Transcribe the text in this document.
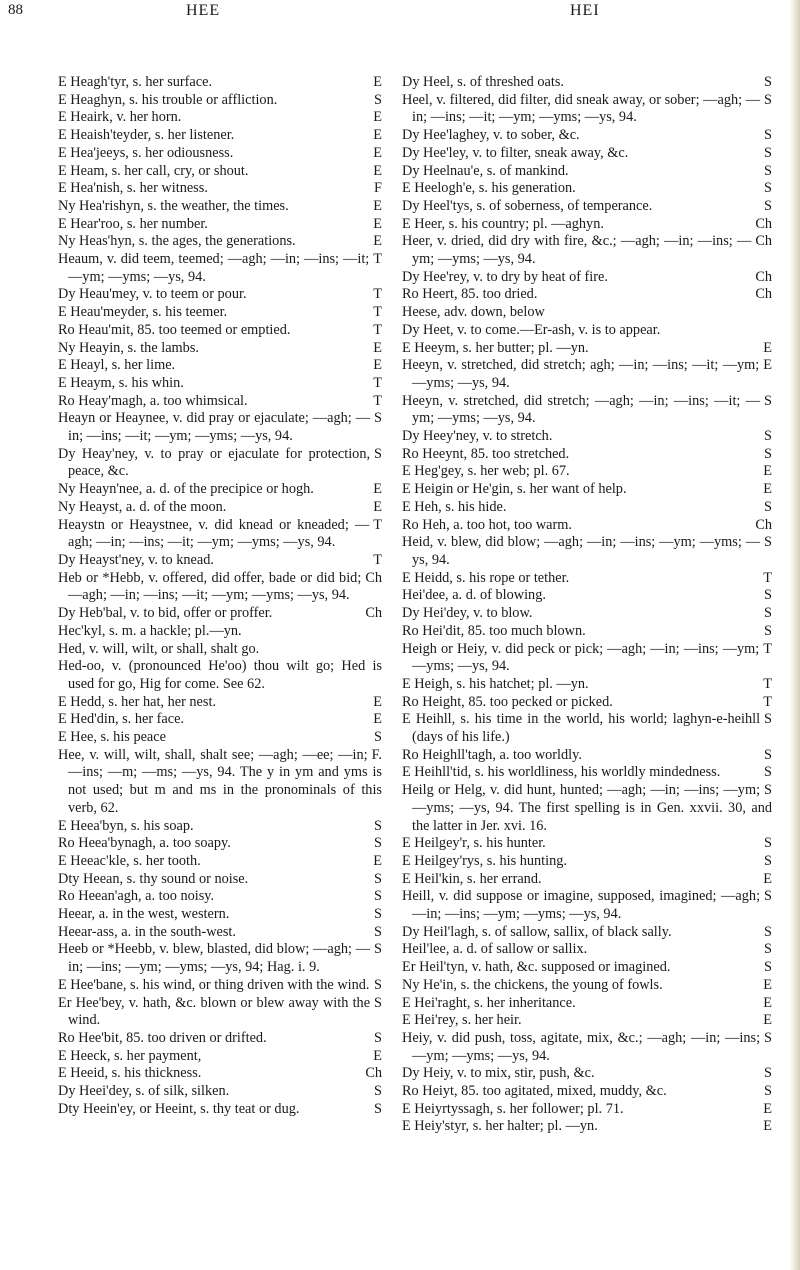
88	HEE	HEI
E
E Heagh'tyr, s. her surface.
S
E Heaghyn, s. his trouble or affliction.
E
E Heairk, v. her horn.
E
E Heaish'teyder, s. her listener.
E
E Hea'jeeys, s. her odiousness.
E
E Heam, s. her call, cry, or shout.
F
E Hea'nish, s. her witness.
E
Ny Hea'rishyn, s. the weather, the times.
E
E Hear'roo, s. her number.
E
Ny Heas'hyn, s. the ages, the generations.
T
Heaum, v. did teem, teemed; —agh; —in; —ins; —it; —ym; —yms; —ys, 94.
T
Dy Heau'mey, v. to teem or pour.
T
E Heau'meyder, s. his teemer.
T
Ro Heau'mit, 85. too teemed or emptied.
E
Ny Heayin, s. the lambs.
E
E Heayl, s. her lime.
T
E Heaym, s. his whin.
T
Ro Heay'magh, a. too whimsical.
S
Heayn or Heaynee, v. did pray or ejaculate; —agh; —in; —ins; —it; —ym; —yms; —ys, 94.
S
Dy Heay'ney, v. to pray or ejaculate for protection, peace, &c.
E
Ny Heayn'nee, a. d. of the precipice or hogh.
E
Ny Heayst, a. d. of the moon.
T
Heaystn or Heaystnee, v. did knead or kneaded; —agh; —in; —ins; —it; —ym; —yms; —ys, 94.
T
Dy Heayst'ney, v. to knead.
Ch
Heb or *Hebb, v. offered, did offer, bade or did bid; —agh; —in; —ins; —it; —ym; —yms; —ys, 94.
Ch
Dy Heb'bal, v. to bid, offer or proffer.
Hec'kyl, s. m. a hackle; pl.—yn.
Hed, v. will, wilt, or shall, shalt go.
Hed-oo, v. (pronounced He'oo) thou wilt go; Hed is used for go, Hig for come. See 62.
E
E Hedd, s. her hat, her nest.
E
E Hed'din, s. her face.
S
E Hee, s. his peace
F.
Hee, v. will, wilt, shall, shalt see; —agh; —ee; —in; —ins; —m; —ms; —ys, 94. The y in ym and yms is not used; but m and ms in the pronominals of this verb, 62.
S
E Heea'byn, s. his soap.
S
Ro Heea'bynagh, a. too soapy.
E
E Heeac'kle, s. her tooth.
S
Dty Heean, s. thy sound or noise.
S
Ro Heean'agh, a. too noisy.
S
Heear, a. in the west, western.
S
Heear-ass, a. in the south-west.
S
Heeb or *Heebb, v. blew, blasted, did blow; —agh; —in; —ins; —ym; —yms; —ys, 94; Hag. i. 9.
S
E Hee'bane, s. his wind, or thing driven with the wind.
S
Er Hee'bey, v. hath, &c. blown or blew away with the wind.
S
Ro Hee'bit, 85. too driven or drifted.
E
E Heeck, s. her payment,
Ch
E Heeid, s. his thickness.
S
Dy Heei'dey, s. of silk, silken.
S
Dty Heein'ey, or Heeint, s. thy teat or dug.
S
Dy Heel, s. of threshed oats.
S
Heel, v. filtered, did filter, did sneak away, or sober; —agh; —in; —ins; —it; —ym; —yms; —ys, 94.
S
Dy Hee'laghey, v. to sober, &c.
S
Dy Hee'ley, v. to filter, sneak away, &c.
S
Dy Heelnau'e, s. of mankind.
S
E Heelogh'e, s. his generation.
S
Dy Heel'tys, s. of soberness, of temperance.
Ch
E Heer, s. his country; pl. —aghyn.
Ch
Heer, v. dried, did dry with fire, &c.; —agh; —in; —ins; —ym; —yms; —ys, 94.
Ch
Dy Hee'rey, v. to dry by heat of fire.
Ch
Ro Heert, 85. too dried.
Heese, adv. down, below
Dy Heet, v. to come.—Er-ash, v. is to appear.
E
E Heeym, s. her butter; pl. —yn.
E
Heeyn, v. stretched, did stretch; agh; —in; —ins; —it; —ym; —yms; —ys, 94.
S
Heeyn, v. stretched, did stretch; —agh; —in; —ins; —it; —ym; —yms; —ys, 94.
S
Dy Heey'ney, v. to stretch.
S
Ro Heeynt, 85. too stretched.
E
E Heg'gey, s. her web; pl. 67.
E
E Heigin or He'gin, s. her want of help.
S
E Heh, s. his hide.
Ch
Ro Heh, a. too hot, too warm.
S
Heid, v. blew, did blow; —agh; —in; —ins; —ym; —yms; —ys, 94.
T
E Heidd, s. his rope or tether.
S
Hei'dee, a. d. of blowing.
S
Dy Hei'dey, v. to blow.
S
Ro Hei'dit, 85. too much blown.
T
Heigh or Heiy, v. did peck or pick; —agh; —in; —ins; —ym; —yms; —ys, 94.
T
E Heigh, s. his hatchet; pl. —yn.
T
Ro Height, 85. too pecked or picked.
S
E Heihll, s. his time in the world, his world; laghyn-e-heihll (days of his life.)
S
Ro Heighll'tagh, a. too worldly.
S
E Heihll'tid, s. his worldliness, his worldly mindedness.
S
Heilg or Helg, v. did hunt, hunted; —agh; —in; —ins; —ym; —yms; —ys, 94. The first spelling is in Gen. xxvii. 30, and the latter in Jer. xvi. 16.
S
E Heilgey'r, s. his hunter.
S
E Heilgey'rys, s. his hunting.
E
E Heil'kin, s. her errand.
S
Heill, v. did suppose or imagine, supposed, imagined; —agh; —in; —ins; —ym; —yms; —ys, 94.
S
Dy Heil'lagh, s. of sallow, sallix, of black sally.
S
Heil'lee, a. d. of sallow or sallix.
S
Er Heil'tyn, v. hath, &c. supposed or imagined.
E
Ny He'in, s. the chickens, the young of fowls.
E
E Hei'raght, s. her inheritance.
E
E Hei'rey, s. her heir.
S
Heiy, v. did push, toss, agitate, mix, &c.; —agh; —in; —ins; —ym; —yms; —ys, 94.
S
Dy Heiy, v. to mix, stir, push, &c.
S
Ro Heiyt, 85. too agitated, mixed, muddy, &c.
E
E Heiyrtyssagh, s. her follower; pl. 71.
E
E Heiy'styr, s. her halter; pl. —yn.
